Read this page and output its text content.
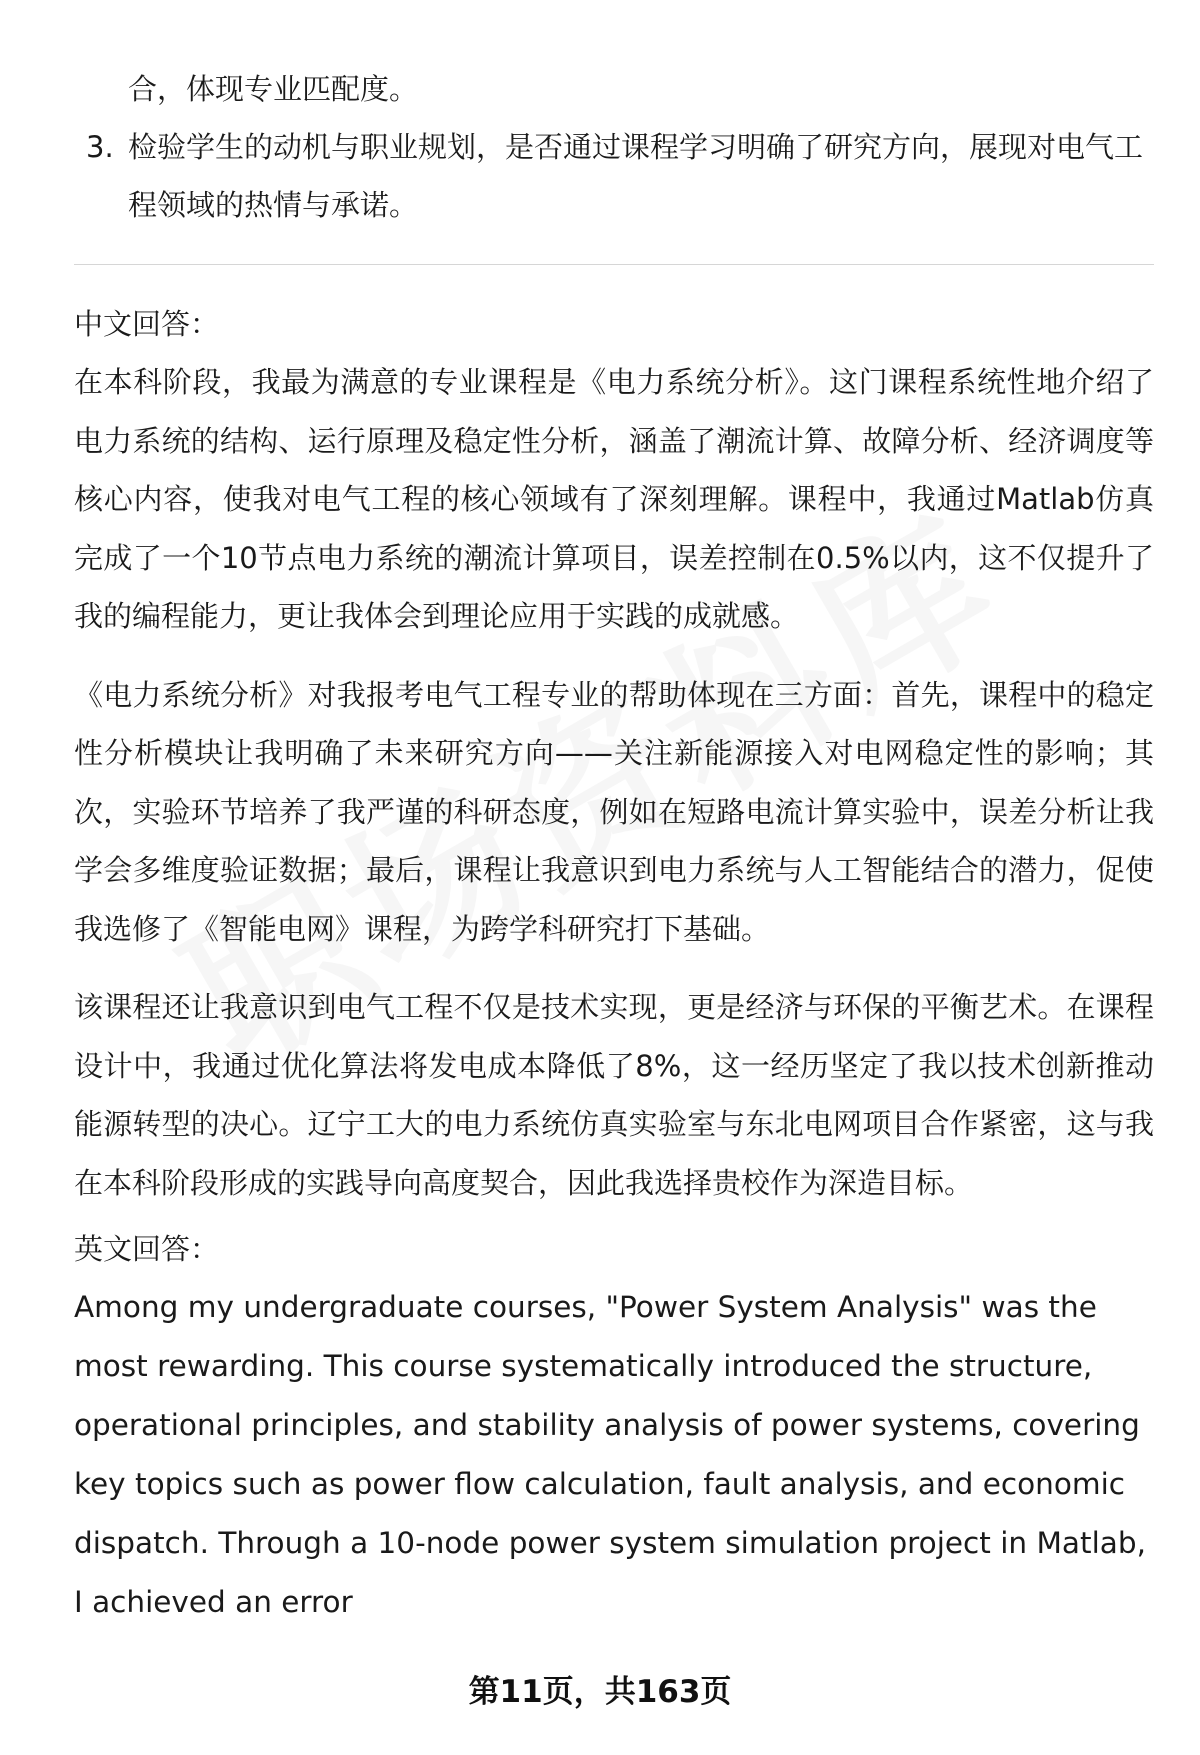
合，体现专业匹配度。
3. 检验学生的动机与职业规划，是否通过课程学习明确了研究方向，展现对电气工程领域的热情与承诺。
中文回答：

在本科阶段，我最为满意的专业课程是《电力系统分析》。这门课程系统性地介绍了电力系统的结构、运行原理及稳定性分析，涵盖了潮流计算、故障分析、经济调度等核心内容，使我对电气工程的核心领域有了深刻理解。课程中，我通过Matlab仿真完成了一个10节点电力系统的潮流计算项目，误差控制在0.5%以内，这不仅提升了我的编程能力，更让我体会到理论应用于实践的成就感。

《电力系统分析》对我报考电气工程专业的帮助体现在三方面：首先，课程中的稳定性分析模块让我明确了未来研究方向——关注新能源接入对电网稳定性的影响；其次，实验环节培养了我严谨的科研态度，例如在短路电流计算实验中，误差分析让我学会多维度验证数据；最后，课程让我意识到电力系统与人工智能结合的潜力，促使我选修了《智能电网》课程，为跨学科研究打下基础。

该课程还让我意识到电气工程不仅是技术实现，更是经济与环保的平衡艺术。在课程设计中，我通过优化算法将发电成本降低了8%，这一经历坚定了我以技术创新推动能源转型的决心。辽宁工大的电力系统仿真实验室与东北电网项目合作紧密，这与我在本科阶段形成的实践导向高度契合，因此我选择贵校作为深造目标。

英文回答：

Among my undergraduate courses, "Power System Analysis" was the most rewarding. This course systematically introduced the structure, operational principles, and stability analysis of power systems, covering key topics such as power flow calculation, fault analysis, and economic dispatch. Through a 10-node power system simulation project in Matlab, I achieved an error

第11页，共163页
